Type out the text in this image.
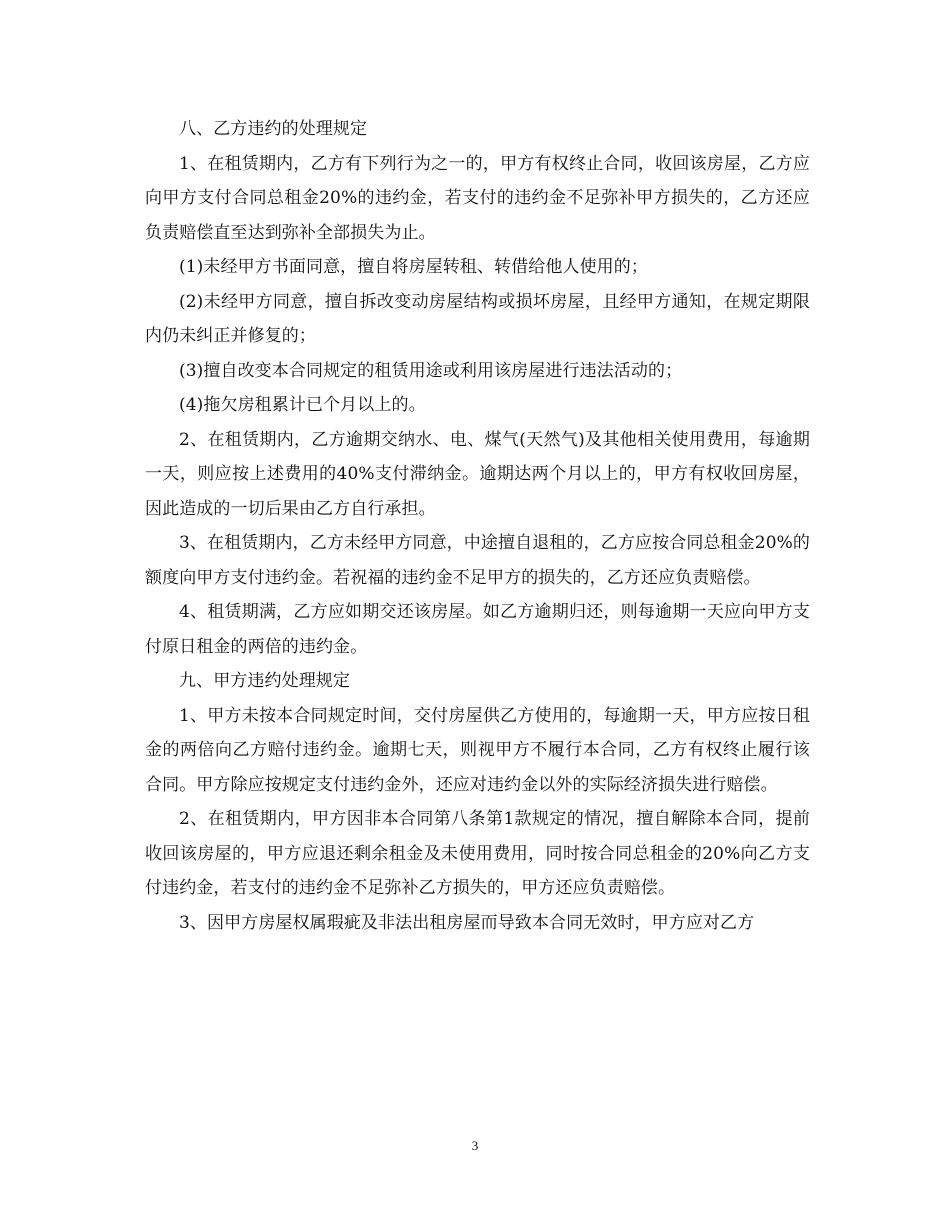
八、乙方违约的处理规定

1、在租赁期内，乙方有下列行为之一的，甲方有权终止合同，收回该房屋，乙方应向甲方支付合同总租金20%的违约金，若支付的违约金不足弥补甲方损失的，乙方还应负责赔偿直至达到弥补全部损失为止。

(1)未经甲方书面同意，擅自将房屋转租、转借给他人使用的；

(2)未经甲方同意，擅自拆改变动房屋结构或损坏房屋，且经甲方通知，在规定期限内仍未纠正并修复的；

(3)擅自改变本合同规定的租赁用途或利用该房屋进行违法活动的；

(4)拖欠房租累计已个月以上的。

2、在租赁期内，乙方逾期交纳水、电、煤气(天然气)及其他相关使用费用，每逾期一天，则应按上述费用的40%支付滞纳金。逾期达两个月以上的，甲方有权收回房屋，因此造成的一切后果由乙方自行承担。

3、在租赁期内，乙方未经甲方同意，中途擅自退租的，乙方应按合同总租金20%的额度向甲方支付违约金。若祝福的违约金不足甲方的损失的，乙方还应负责赔偿。

4、租赁期满，乙方应如期交还该房屋。如乙方逾期归还，则每逾期一天应向甲方支付原日租金的两倍的违约金。

九、甲方违约处理规定

1、甲方未按本合同规定时间，交付房屋供乙方使用的，每逾期一天，甲方应按日租金的两倍向乙方赔付违约金。逾期七天，则视甲方不履行本合同，乙方有权终止履行该合同。甲方除应按规定支付违约金外，还应对违约金以外的实际经济损失进行赔偿。

2、在租赁期内，甲方因非本合同第八条第1款规定的情况，擅自解除本合同，提前收回该房屋的，甲方应退还剩余租金及未使用费用，同时按合同总租金的20%向乙方支付违约金，若支付的违约金不足弥补乙方损失的，甲方还应负责赔偿。

3、因甲方房屋权属瑕疵及非法出租房屋而导致本合同无效时，甲方应对乙方

3
